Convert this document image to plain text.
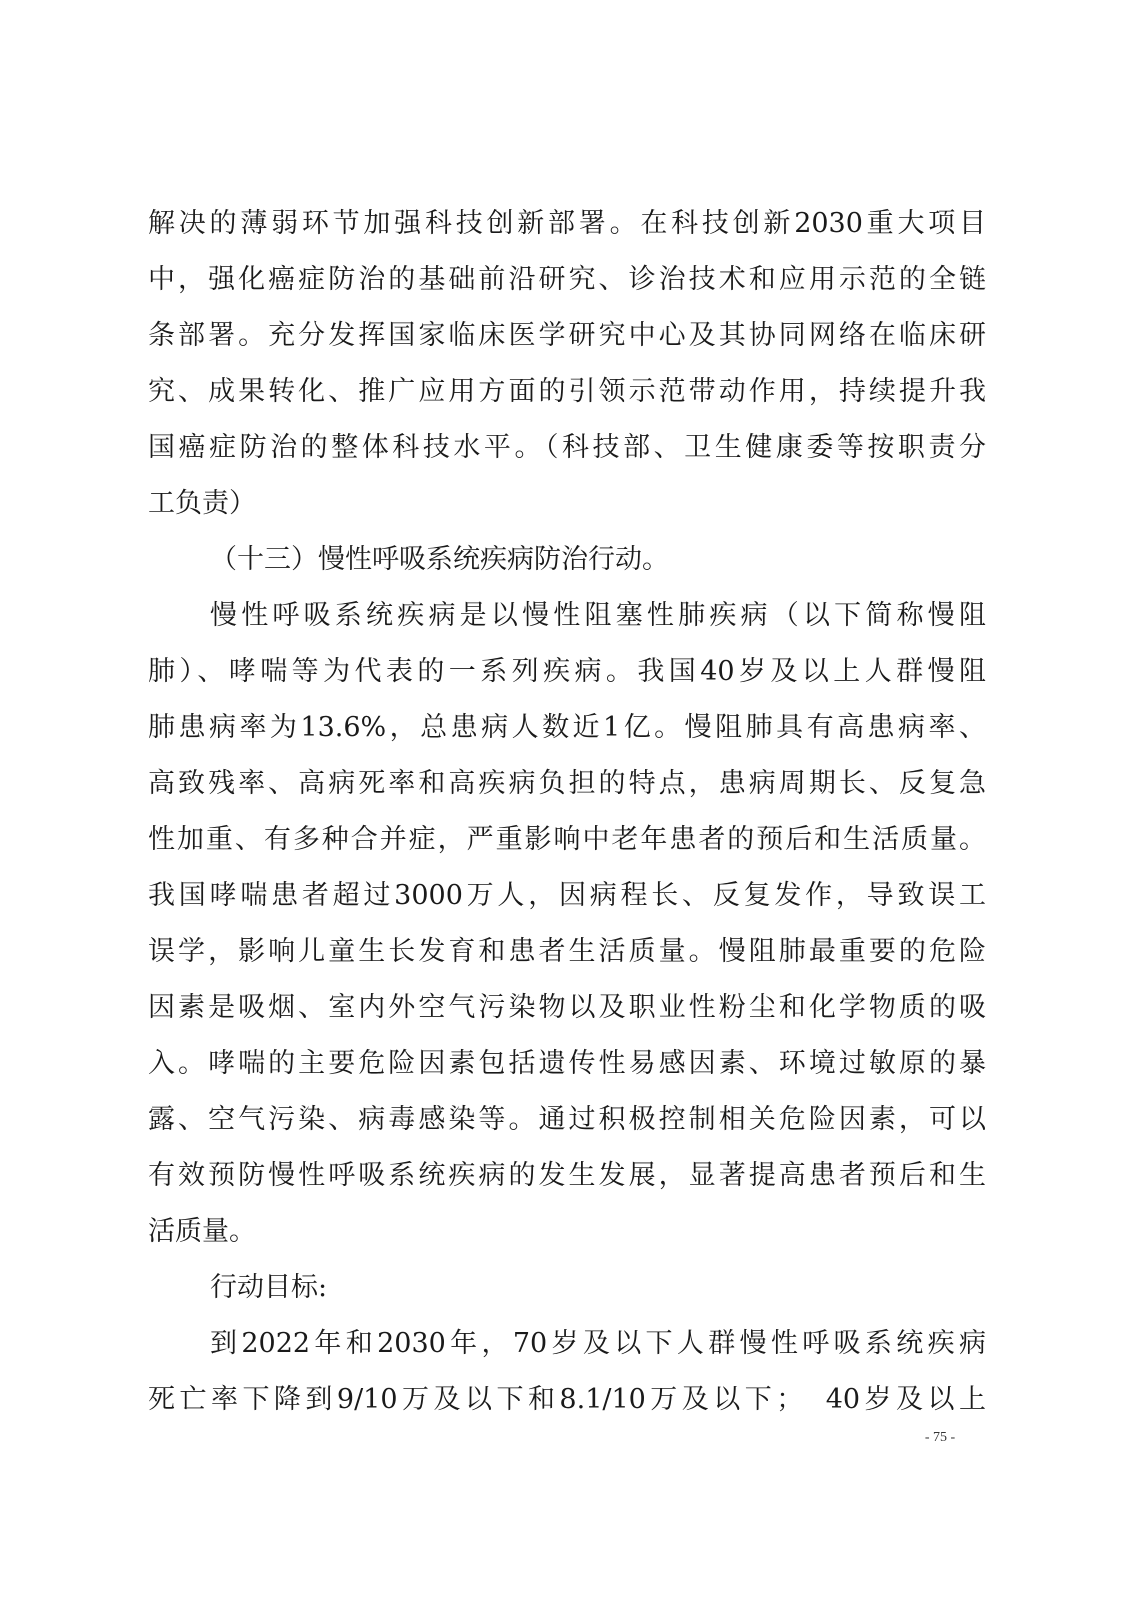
解决的薄弱环节加强科技创新部署。在科技创新2030重大项目
中，强化癌症防治的基础前沿研究、诊治技术和应用示范的全链
条部署。充分发挥国家临床医学研究中心及其协同网络在临床研
究、成果转化、推广应用方面的引领示范带动作用，持续提升我
国癌症防治的整体科技水平。（科技部、卫生健康委等按职责分
工负责）
（十三）慢性呼吸系统疾病防治行动。
慢性呼吸系统疾病是以慢性阻塞性肺疾病（以下简称慢阻
肺）、哮喘等为代表的一系列疾病。我国40岁及以上人群慢阻
肺患病率为13.6%，总患病人数近1亿。慢阻肺具有高患病率、
高致残率、高病死率和高疾病负担的特点，患病周期长、反复急
性加重、有多种合并症，严重影响中老年患者的预后和生活质量。
我国哮喘患者超过3000万人，因病程长、反复发作，导致误工
误学，影响儿童生长发育和患者生活质量。慢阻肺最重要的危险
因素是吸烟、室内外空气污染物以及职业性粉尘和化学物质的吸
入。哮喘的主要危险因素包括遗传性易感因素、环境过敏原的暴
露、空气污染、病毒感染等。通过积极控制相关危险因素，可以
有效预防慢性呼吸系统疾病的发生发展，显著提高患者预后和生
活质量。
行动目标:
到2022年和2030年，70岁及以下人群慢性呼吸系统疾病
死亡率下降到9/10万及以下和8.1/10万及以下；　40岁及以上
- 75 -
